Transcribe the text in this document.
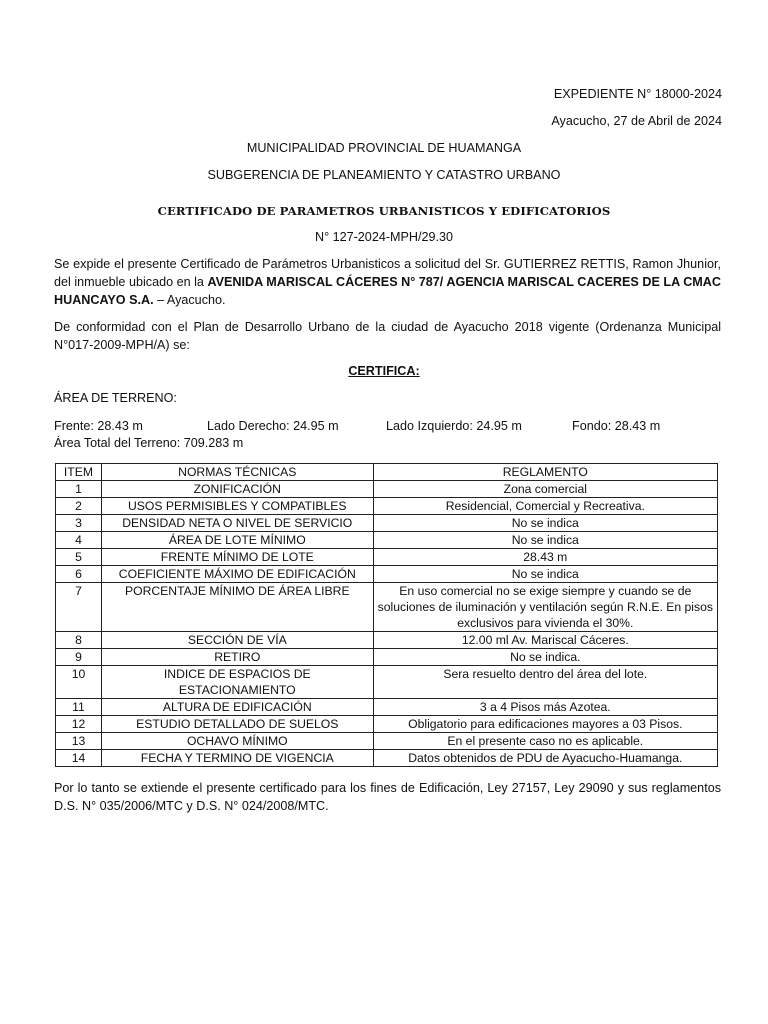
EXPEDIENTE N° 18000-2024
Ayacucho, 27 de Abril de 2024
MUNICIPALIDAD PROVINCIAL DE HUAMANGA
SUBGERENCIA DE PLANEAMIENTO Y CATASTRO URBANO
CERTIFICADO DE PARAMETROS URBANISTICOS Y EDIFICATORIOS
N° 127-2024-MPH/29.30
Se expide el presente Certificado de Parámetros Urbanisticos a solicitud del Sr. GUTIERREZ RETTIS, Ramon Jhunior, del inmueble ubicado en la AVENIDA MARISCAL CÁCERES N° 787/ AGENCIA MARISCAL CACERES DE LA CMAC HUANCAYO S.A. – Ayacucho.
De conformidad con el Plan de Desarrollo Urbano de la ciudad de Ayacucho 2018 vigente (Ordenanza Municipal N°017-2009-MPH/A) se:
CERTIFICA:
ÁREA DE TERRENO:
Frente: 28.43 m	Lado Derecho: 24.95 m	Lado Izquierdo: 24.95 m	Fondo: 28.43 m
Área Total del Terreno: 709.283 m
ITEM	NORMAS TÉCNICAS	REGLAMENTO
1	ZONIFICACIÓN	Zona comercial
2	USOS PERMISIBLES Y COMPATIBLES	Residencial, Comercial y Recreativa.
3	DENSIDAD NETA O NIVEL DE SERVICIO	No se indica
4	ÁREA DE LOTE MÍNIMO	No se indica
5	FRENTE MÍNIMO DE LOTE	28.43 m
6	COEFICIENTE MÁXIMO DE EDIFICACIÓN	No se indica
7	PORCENTAJE MÍNIMO DE ÁREA LIBRE	En uso comercial no se exige siempre y cuando se de soluciones de iluminación y ventilación según R.N.E. En pisos exclusivos para vivienda el 30%.
8	SECCIÓN DE VÍA	12.00 ml Av. Mariscal Cáceres.
9	RETIRO	No se indica.
10	INDICE DE ESPACIOS DE ESTACIONAMIENTO	Sera resuelto dentro del área del lote.
11	ALTURA DE EDIFICACIÓN	3 a 4 Pisos más Azotea.
12	ESTUDIO DETALLADO DE SUELOS	Obligatorio para edificaciones mayores a 03 Pisos.
13	OCHAVO MÍNIMO	En el presente caso no es aplicable.
14	FECHA Y TERMINO DE VIGENCIA	Datos obtenidos de PDU de Ayacucho-Huamanga.
Por lo tanto se extiende el presente certificado para los fines de Edificación, Ley 27157, Ley 29090 y sus reglamentos D.S. N° 035/2006/MTC y D.S. N° 024/2008/MTC.
